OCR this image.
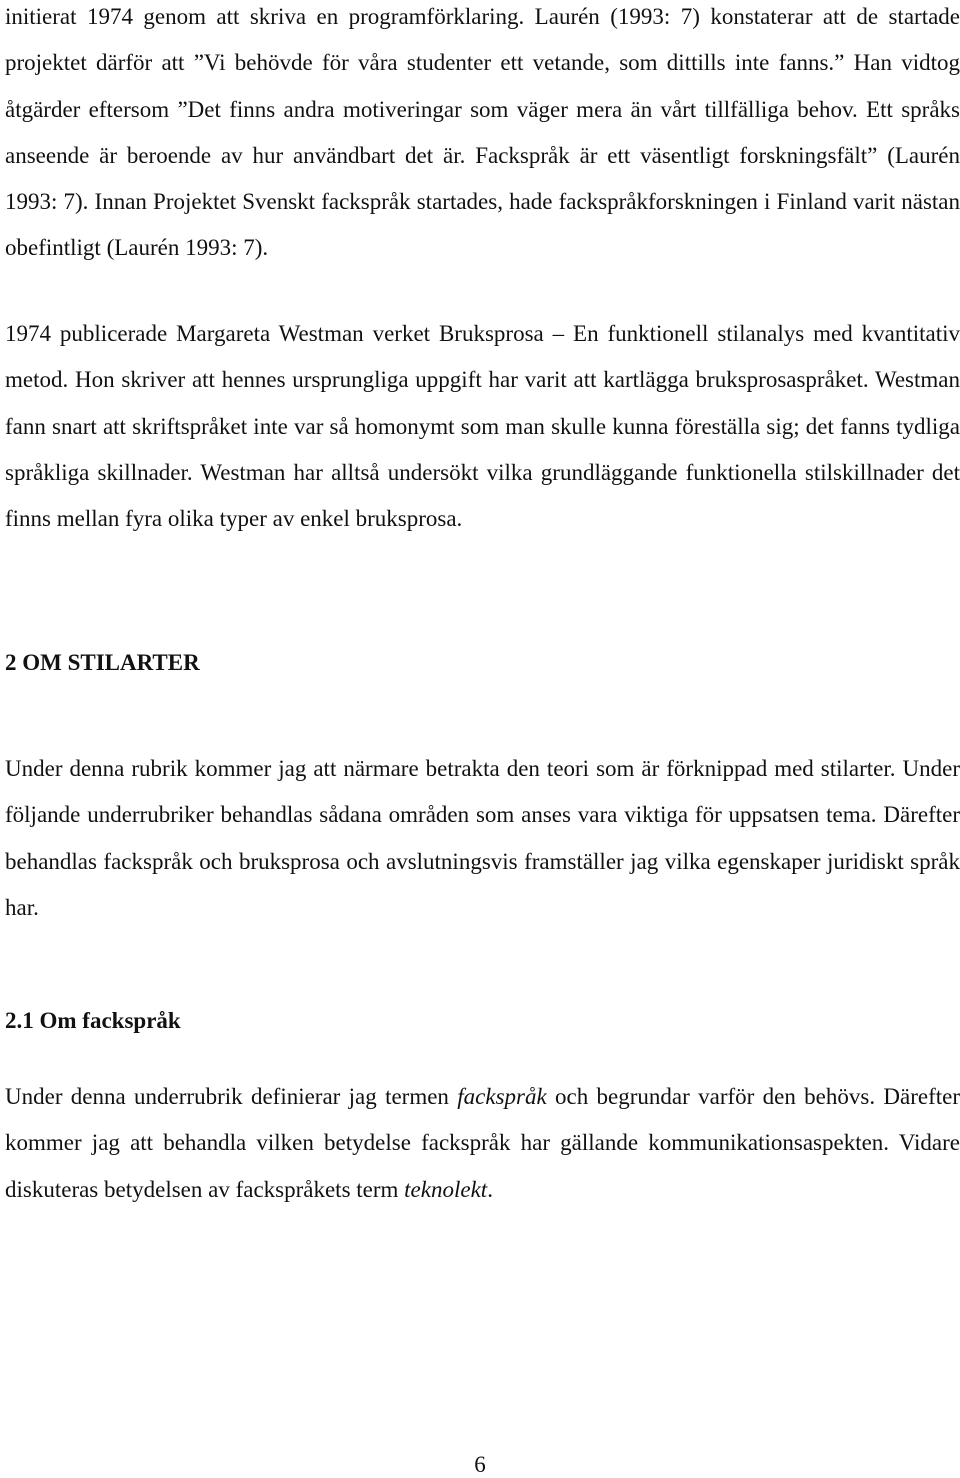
initierat 1974 genom att skriva en programförklaring. Laurén (1993: 7) konstaterar att de startade projektet därför att ”Vi behövde för våra studenter ett vetande, som dittills inte fanns.” Han vidtog åtgärder eftersom ”Det finns andra motiveringar som väger mera än vårt tillfälliga behov. Ett språks anseende är beroende av hur användbart det är. Fackspråk är ett väsentligt forskningsfält” (Laurén 1993: 7). Innan Projektet Svenskt fackspråk startades, hade fackspråkforskningen i Finland varit nästan obefintligt (Laurén 1993: 7).

1974 publicerade Margareta Westman verket Bruksprosa – En funktionell stilanalys med kvantitativ metod. Hon skriver att hennes ursprungliga uppgift har varit att kartlägga bruksprosaspråket. Westman fann snart att skriftspråket inte var så homonymt som man skulle kunna föreställa sig; det fanns tydliga språkliga skillnader. Westman har alltså undersökt vilka grundläggande funktionella stilskillnader det finns mellan fyra olika typer av enkel bruksprosa.

2 OM STILARTER

Under denna rubrik kommer jag att närmare betrakta den teori som är förknippad med stilarter. Under följande underrubriker behandlas sådana områden som anses vara viktiga för uppsatsen tema. Därefter behandlas fackspråk och bruksprosa och avslutningsvis framställer jag vilka egenskaper juridiskt språk har.

2.1 Om fackspråk

Under denna underrubrik definierar jag termen fackspråk och begrundar varför den behövs. Därefter kommer jag att behandla vilken betydelse fackspråk har gällande kommunikationsaspekten. Vidare diskuteras betydelsen av fackspråkets term teknolekt.

6
